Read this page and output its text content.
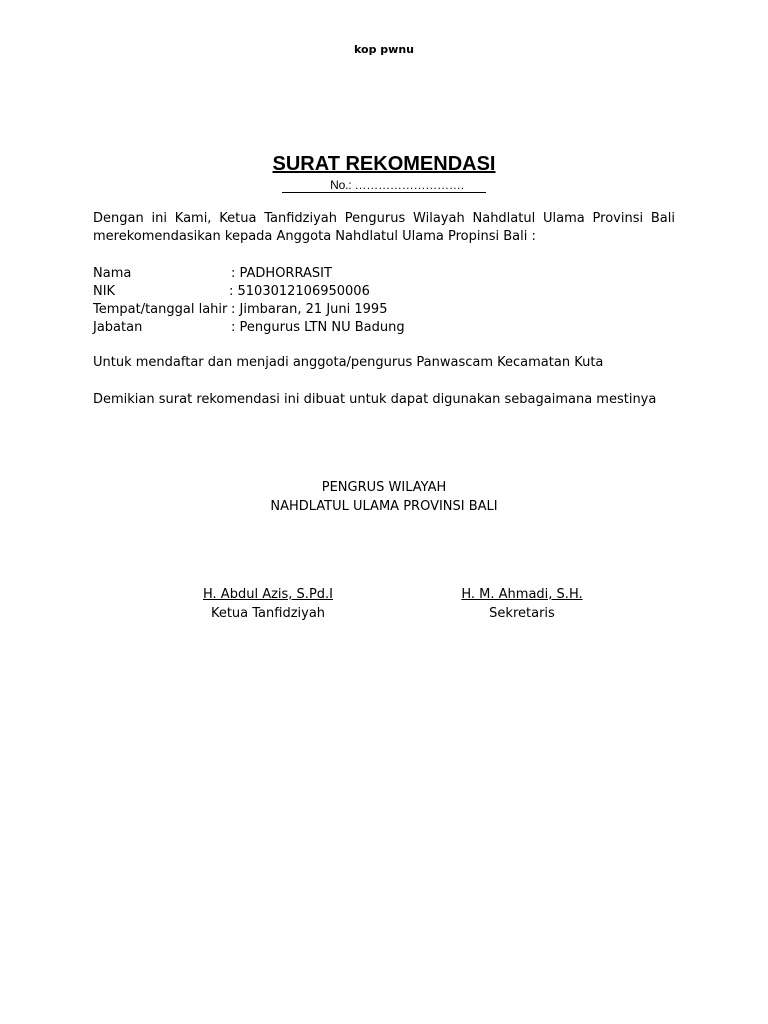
kop pwnu
SURAT REKOMENDASI
No.: ……………………….
Dengan ini Kami, Ketua Tanfidziyah Pengurus Wilayah Nahdlatul Ulama Provinsi Bali
merekomendasikan kepada Anggota Nahdlatul Ulama Propinsi Bali :
Nama	: PADHORRASIT
NIK	: 5103012106950006
Tempat/tanggal lahir : Jimbaran, 21 Juni 1995
Jabatan	: Pengurus LTN NU Badung
Untuk mendaftar dan menjadi anggota/pengurus Panwascam Kecamatan Kuta
Demikian surat rekomendasi ini dibuat untuk dapat digunakan sebagaimana mestinya
PENGRUS WILAYAH
NAHDLATUL ULAMA PROVINSI BALI
H. Abdul Azis, S.Pd.I
Ketua Tanfidziyah
H. M. Ahmadi, S.H.
Sekretaris
